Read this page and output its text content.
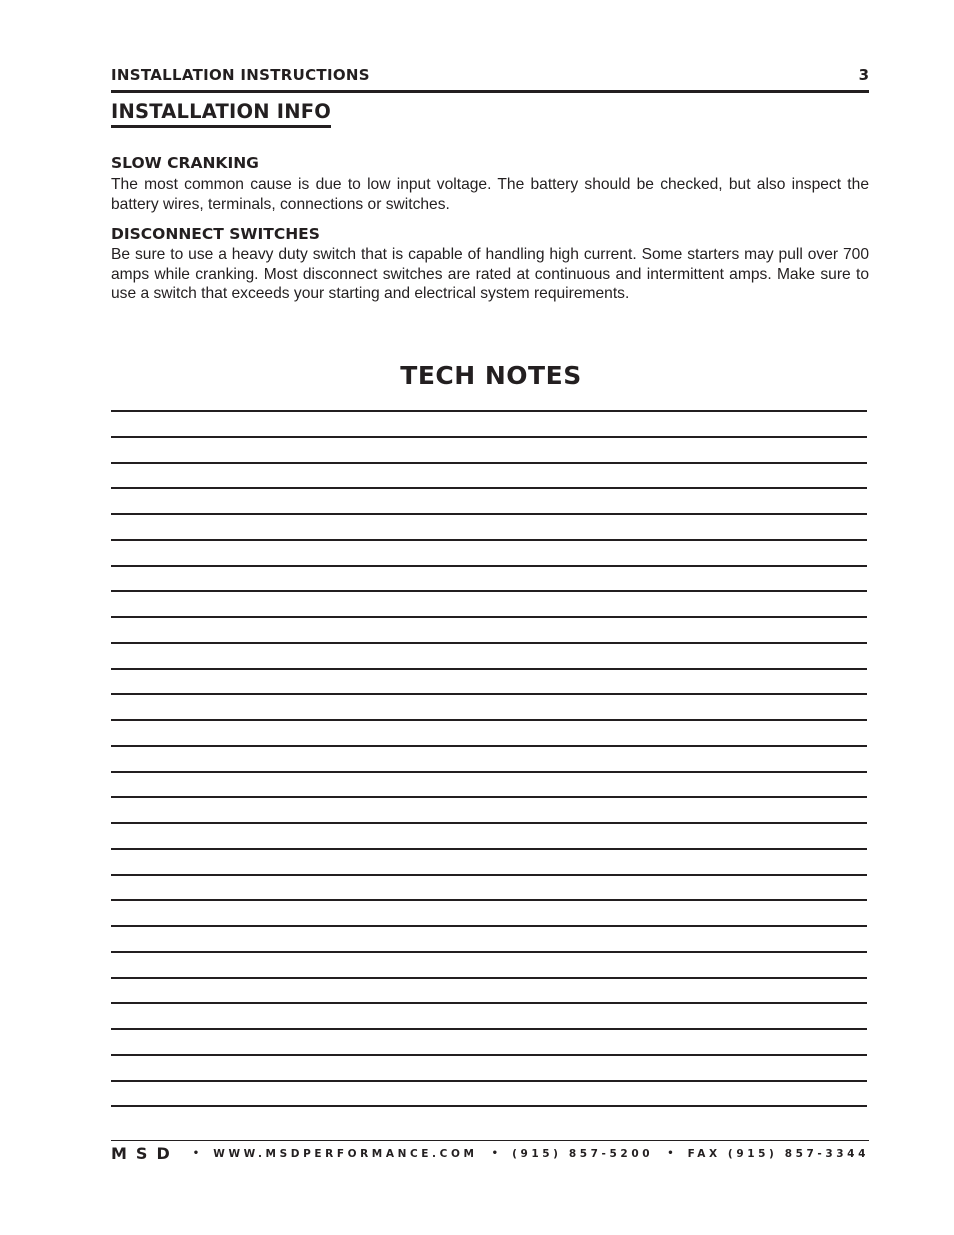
INSTALLATION INSTRUCTIONS	3
INSTALLATION INFO
SLOW CRANKING

The most common cause is due to low input voltage. The battery should be checked, but also inspect the battery wires, terminals, connections or switches.

DISCONNECT SWITCHES

Be sure to use a heavy duty switch that is capable of handling high current. Some starters may pull over 700 amps while cranking. Most disconnect switches are rated at continuous and intermittent amps. Make sure to use a switch that exceeds your starting and electrical system requirements.

TECH NOTES
MSD • WWW.MSDPERFORMANCE.COM • (915) 857-5200 • FAX (915) 857-3344
